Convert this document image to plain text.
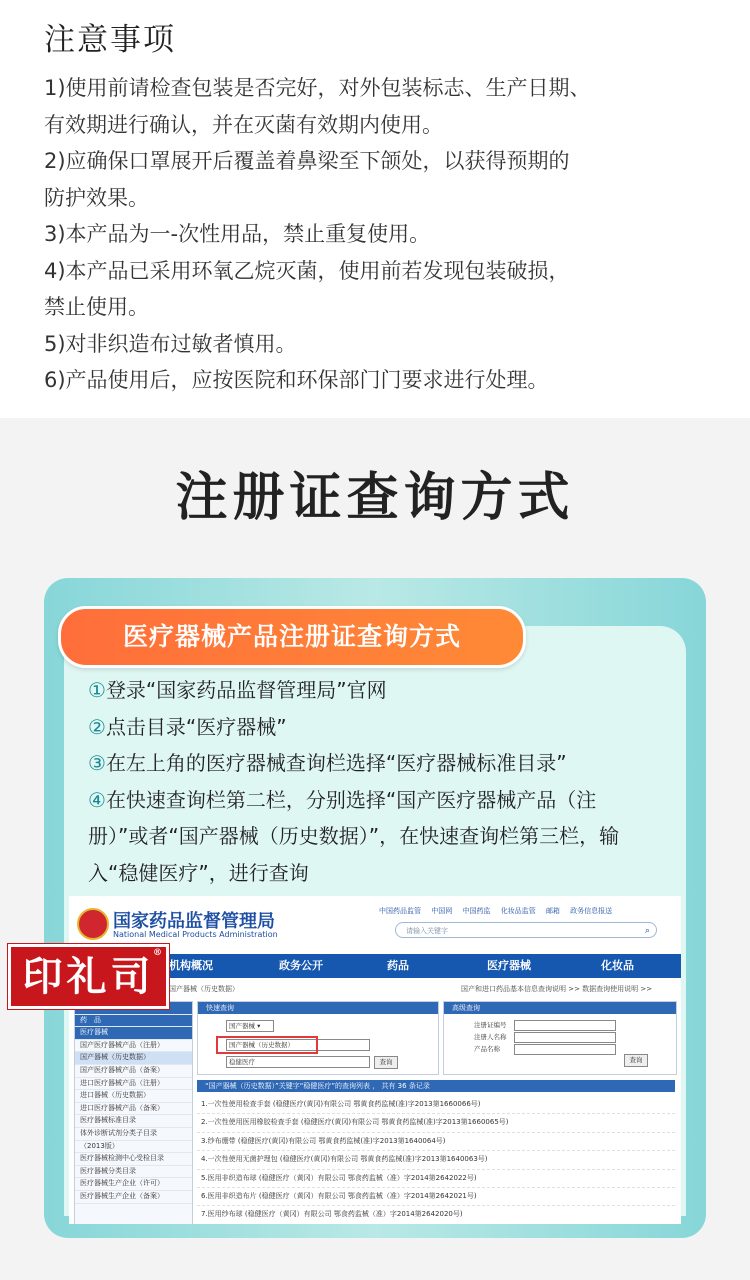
注意事项
1)使用前请检查包装是否完好，对外包装标志、生产日期、
有效期进行确认，并在灭菌有效期内使用。
2)应确保口罩展开后覆盖着鼻梁至下颌处，以获得预期的
防护效果。
3)本产品为一-次性用品，禁止重复使用。
4)本产品已采用环氧乙烷灭菌，使用前若发现包装破损，
禁止使用。
5)对非织造布过敏者慎用。
6)产品使用后，应按医院和环保部门门要求进行处理。
注册证查询方式
医疗器械产品注册证查询方式
①登录“国家药品监督管理局”官网
②点击目录“医疗器械”
③在左上角的医疗器械查询栏选择“医疗器械标准目录”
④在快速查询栏第二栏，分别选择“国产医疗器械产品（注
册）”或者“国产器械（历史数据）”，在快速查询栏第三栏，输
入“稳健医疗”，进行查询
国家药品监督管理局
National Medical Products Administration
中国药品监管 中国网 中国药监 化妆品监管 邮箱 政务信息报送
请输入关键字	⌕
机构概况	政务公开	药品	医疗器械	化妆品
国产器械（历史数据）	国产和进口药品基本信息查询说明 >> 数据查询使用说明 >>
药　品
医疗器械
国产医疗器械产品（注册）
国产器械（历史数据）
国产医疗器械产品（备案）
进口医疗器械产品（注册）
进口器械（历史数据）
进口医疗器械产品（备案）
医疗器械标准目录
体外诊断试剂分类子目录
（2013版）
医疗器械检测中心受检目录
医疗器械分类目录
医疗器械生产企业（许可）
医疗器械生产企业（备案）
快速查询
国产器械 ▾
国产器械（历史数据）
稳健医疗	查询
高级查询
注册证编号
注册人名称
产品名称
查询
“国产器械（历史数据）”关键字“稳健医疗”的查询列表 ， 共有 36 条记录
1.一次性使用检查手套 (稳健医疗(黄冈)有限公司 鄂黄食药监械(准)字2013第1660066号)
2.一次性使用医用橡胶检查手套 (稳健医疗(黄冈)有限公司 鄂黄食药监械(准)字2013第1660065号)
3.纱布绷带 (稳健医疗(黄冈)有限公司 鄂黄食药监械(准)字2013第1640064号)
4.一次性使用无菌护理包 (稳健医疗(黄冈)有限公司 鄂黄食药监械(准)字2013第1640063号)
5.医用非织造布球 (稳健医疗（黄冈）有限公司 鄂食药监械（准）字2014第2642022号)
6.医用非织造布片 (稳健医疗（黄冈）有限公司 鄂食药监械（准）字2014第2642021号)
7.医用纱布球 (稳健医疗（黄冈）有限公司 鄂食药监械（准）字2014第2642020号)
印礼司
®
